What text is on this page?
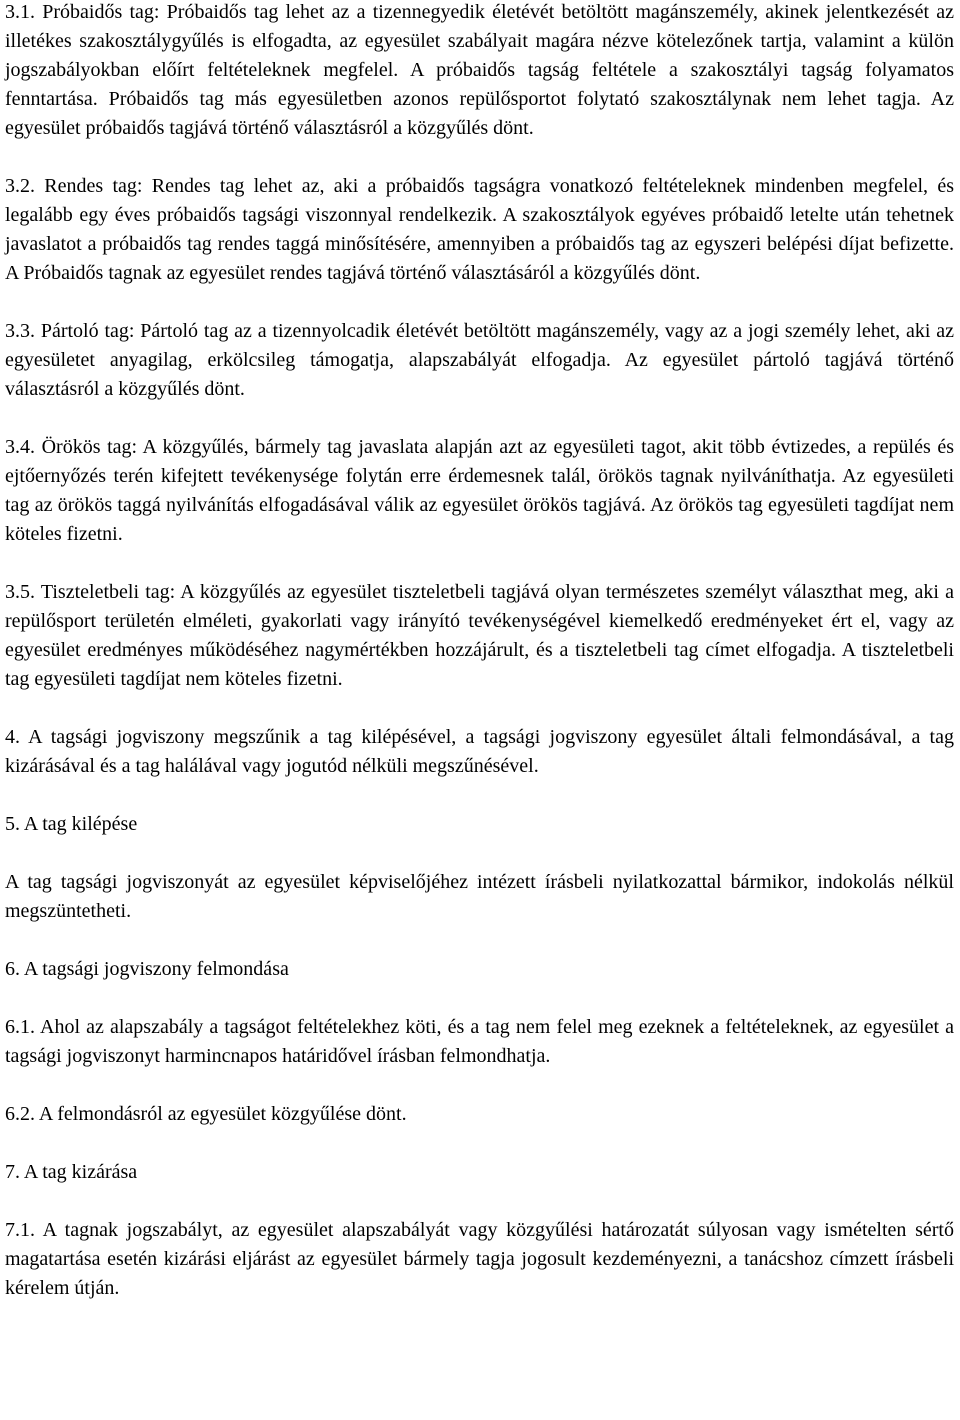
3.1. Próbaidős tag: Próbaidős tag lehet az a tizennegyedik életévét betöltött magánszemély, akinek jelentkezését az illetékes szakosztálygyűlés is elfogadta, az egyesület szabályait magára nézve kötelezőnek tartja, valamint a külön jogszabályokban előírt feltételeknek megfelel. A próbaidős tagság feltétele a szakosztályi tagság folyamatos fenntartása. Próbaidős tag más egyesületben azonos repülősportot folytató szakosztálynak nem lehet tagja. Az egyesület próbaidős tagjává történő választásról a közgyűlés dönt.

3.2. Rendes tag: Rendes tag lehet az, aki a próbaidős tagságra vonatkozó feltételeknek mindenben megfelel, és legalább egy éves próbaidős tagsági viszonnyal rendelkezik. A szakosztályok egyéves próbaidő letelte után tehetnek javaslatot a próbaidős tag rendes taggá minősítésére, amennyiben a próbaidős tag az egyszeri belépési díjat befizette. A Próbaidős tagnak az egyesület rendes tagjává történő választásáról a közgyűlés dönt.

3.3. Pártoló tag: Pártoló tag az a tizennyolcadik életévét betöltött magánszemély, vagy az a jogi személy lehet, aki az egyesületet anyagilag, erkölcsileg támogatja, alapszabályát elfogadja. Az egyesület pártoló tagjává történő választásról a közgyűlés dönt.

3.4. Örökös tag: A közgyűlés, bármely tag javaslata alapján azt az egyesületi tagot, akit több évtizedes, a repülés és ejtőernyőzés terén kifejtett tevékenysége folytán erre érdemesnek talál, örökös tagnak nyilváníthatja. Az egyesületi tag az örökös taggá nyilvánítás elfogadásával válik az egyesület örökös tagjává. Az örökös tag egyesületi tagdíjat nem köteles fizetni.

3.5. Tiszteletbeli tag: A közgyűlés az egyesület tiszteletbeli tagjává olyan természetes személyt választhat meg, aki a repülősport területén elméleti, gyakorlati vagy irányító tevékenységével kiemelkedő eredményeket ért el, vagy az egyesület eredményes működéséhez nagymértékben hozzájárult, és a tiszteletbeli tag címet elfogadja. A tiszteletbeli tag egyesületi tagdíjat nem köteles fizetni.

4. A tagsági jogviszony megszűnik a tag kilépésével, a tagsági jogviszony egyesület általi felmondásával, a tag kizárásával és a tag halálával vagy jogutód nélküli megszűnésével.

5. A tag kilépése

A tag tagsági jogviszonyát az egyesület képviselőjéhez intézett írásbeli nyilatkozattal bármikor, indokolás nélkül megszüntetheti.

6. A tagsági jogviszony felmondása

6.1. Ahol az alapszabály a tagságot feltételekhez köti, és a tag nem felel meg ezeknek a feltételeknek, az egyesület a tagsági jogviszonyt harmincnapos határidővel írásban felmondhatja.

6.2. A felmondásról az egyesület közgyűlése dönt.

7. A tag kizárása

7.1. A tagnak jogszabályt, az egyesület alapszabályát vagy közgyűlési határozatát súlyosan vagy ismételten sértő magatartása esetén kizárási eljárást az egyesület bármely tagja jogosult kezdeményezni, a tanácshoz címzett írásbeli kérelem útján.
